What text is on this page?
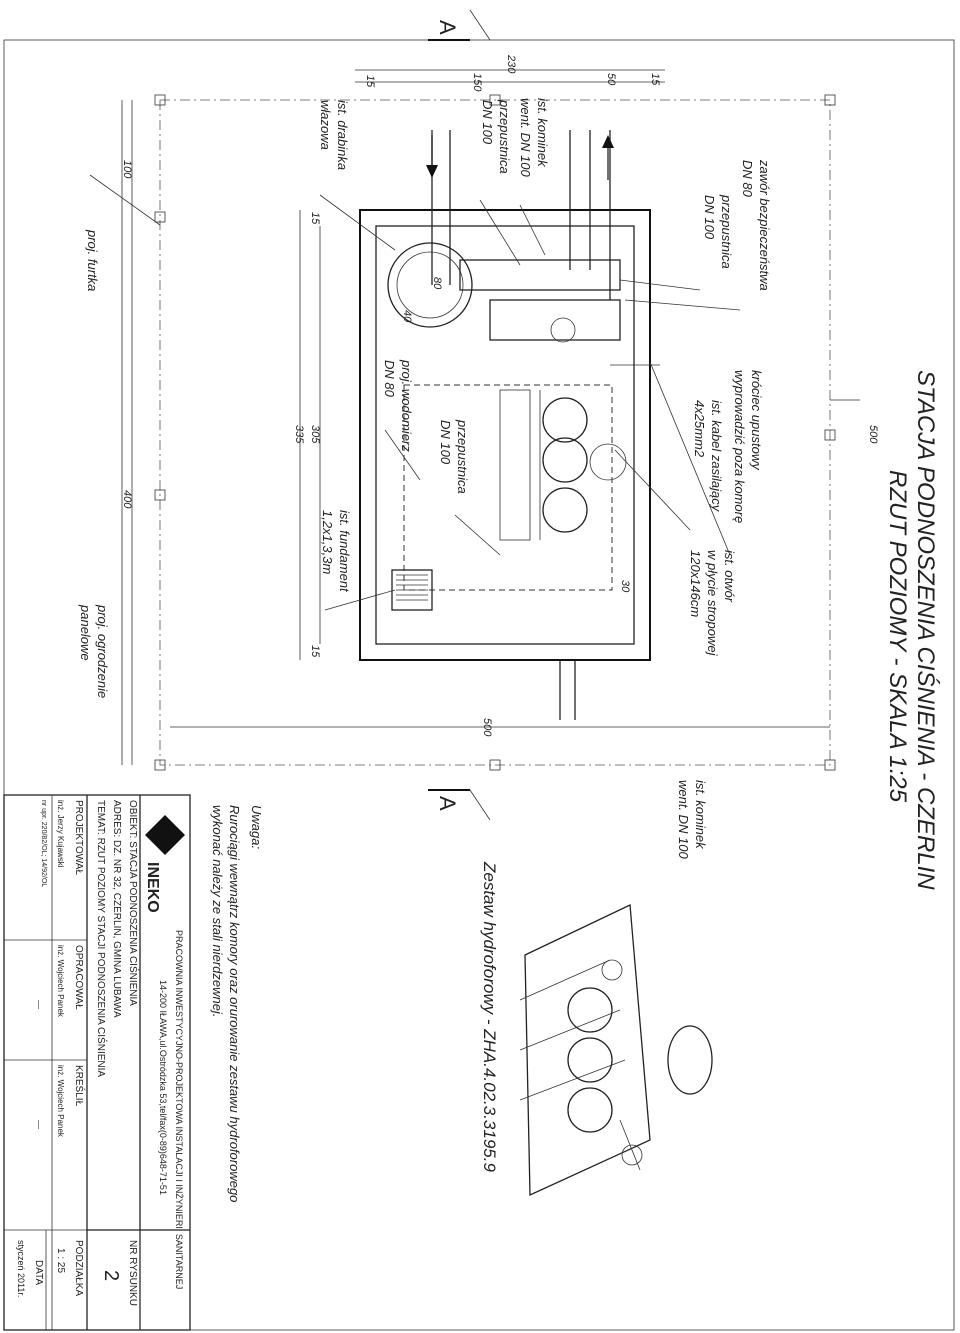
A
A
230
15	150	50	15
500
100
400
500
335 305
15
15
40
80
30	STACJA PODNOSZENIA CIŚNIENIA - CZERLIN
RZUT POZIOMY - SKALA 1:25
zawór bezpieczeństwa
DN 80
przepustnica
DN 100
króciec upustowy
wyprowadzić poza komorę
ist. kabel zasilający
4x25mm2
ist. otwór
w płycie stropowej
120x146cm
ist. kominek
went. DN 100
przepustnica
DN 100
ist. drabinka
włazowa
proj. furtka
proj. wodomierz
DN 80
przepustnica
DN 100
ist. fundament
1,2x1,3,3m
proj. ogrodzenie
panelowe
ist. kominek
went. DN 100
Zestaw hydroforowy - ZHA.4.02.3.3195.9
Uwaga:
Rurociągi wewnątrz komory oraz orurowanie zestawu hydroforowego
wykonać należy ze stali nierdzewnej.
INEKO
PRACOWNIA INWESTYCYJNO-PROJEKTOWA INSTALACJI I INŻYNIERII SANITARNEJ
14-200 IŁAWA,ul.Ostródzka 53,tel/fax(0-89)648-71-51
OBIEKT: STACJA PODNOSZENIA CIŚNIENIA
ADRES: DZ. NR 32, CZERLIN, GMINA LUBAWA
TEMAT: RZUT POZIOMY STACJI PODNOSZENIA CIŚNIENIA
NR RYSUNKU
2
PROJEKTOWAŁ
inż. Jerzy Kujawski
nr upr. 220/82/OL; 14/92/OL
OPRACOWAŁ
inż. Wojciech Panek
__
KREŚLIŁ
inż. Wojciech Panek
__
PODZIAŁKA
1 : 25
DATA
styczeń 2011r.
